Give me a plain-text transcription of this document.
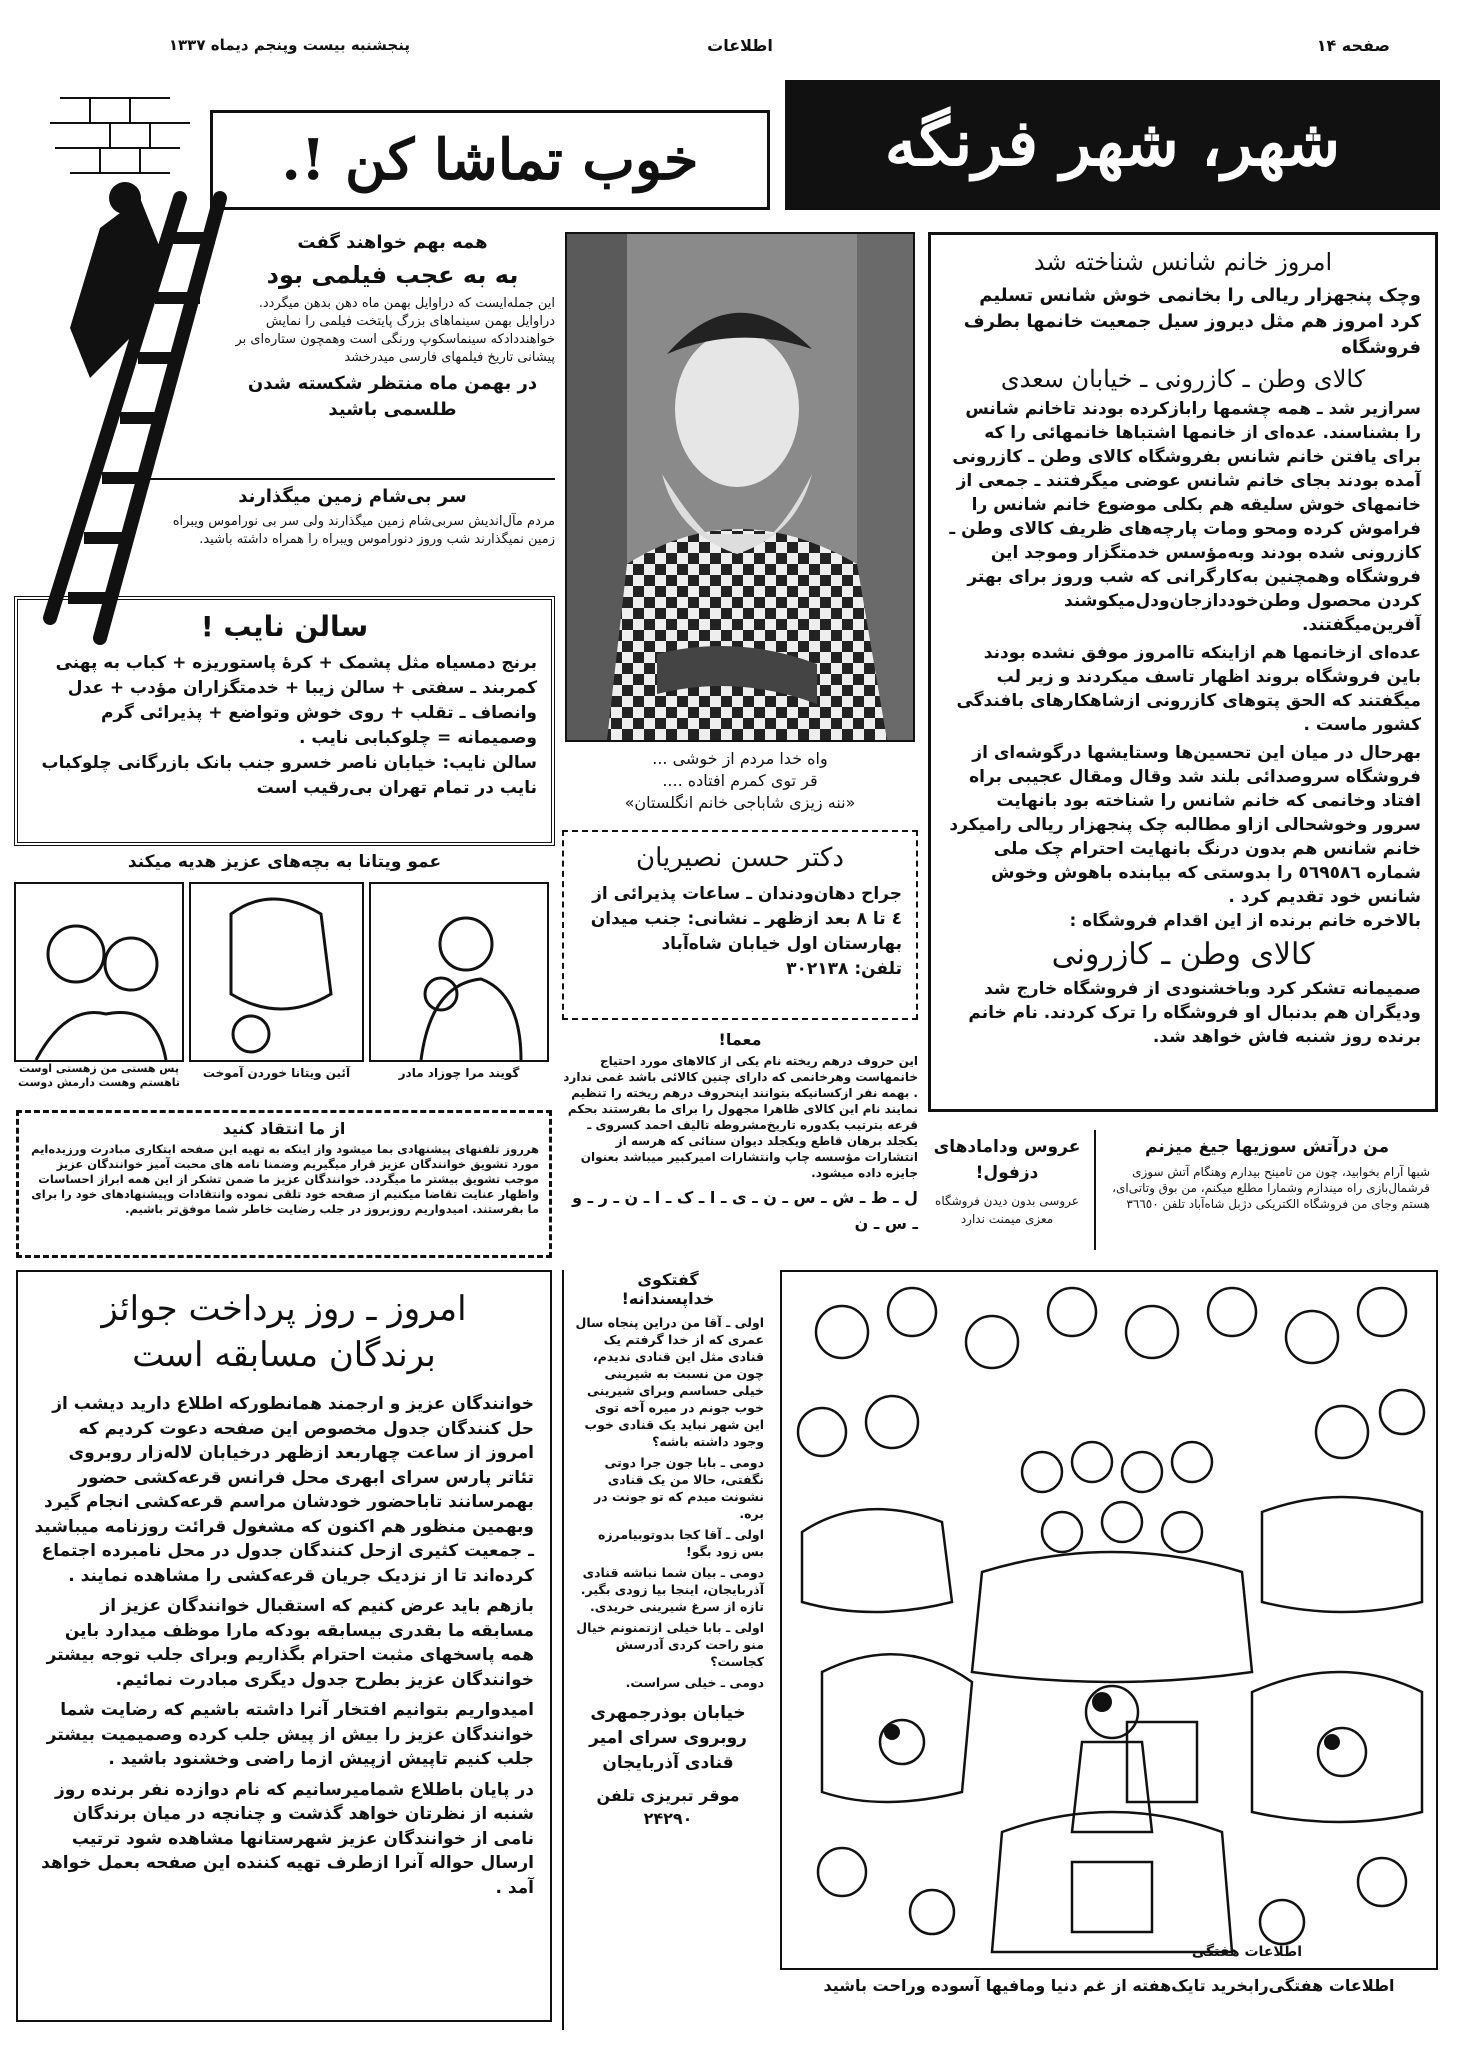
پنجشنبه بیست وپنجم دیماه ۱۳۳۷	اطلاعات	صفحه ۱۴
خوب تماشا کن !.	شهر، شهر فرنگه
همه بهم خواهند گفت
به به عجب فیلمی بود

این جمله‌ایست که دراوایل بهمن ماه دهن بدهن میگردد. دراوایل بهمن سینماهای بزرگ پایتخت فیلمی را نمایش خواهنددادکه سینماسکوپ ورنگی است وهمچون ستاره‌ای بر پیشانی تاریخ فیلمهای فارسی میدرخشد

در بهمن ماه منتظر شکسته شدن طلسمی باشید
سر بی‌شام زمین میگذارند

مردم مآل‌اندیش سربی‌شام زمین میگذارند ولی سر بی نوراموس ویبراه زمین نمیگذارند شب وروز دنوراموس ویبراه را همراه داشته باشید.

سالن نایب !

برنج دمسیاه مثل پشمک + کرهٔ پاستوریزه + کباب به پهنی کمربند ـ سفتی + سالن زیبا + خدمتگزاران مؤدب + عدل وانصاف ـ تقلب + روی خوش وتواضع + پذیرائی گرم وصمیمانه = چلوکبابی نایب .

سالن نایب: خیابان ناصر خسرو جنب بانک بازرگانی چلوکباب نایب در تمام تهران بی‌رقیب است

عمو ویتانا به بچه‌های عزیز هدیه میکند
گویند مرا چوزاد مادر
آئین ویتانا خوردن آموخت
پس هستی من زهستی اوست تاهستم وهست دارمش دوست
از ما انتقاد کنید

هرروز تلفنهای پیشنهادی بما میشود واز اینکه به تهیه این صفحه ابتکاری مبادرت ورزیده‌ایم مورد تشویق خوانندگان عزیز قرار میگیریم وضمنا نامه های محبت آمیز خوانندگان عزیز موجب تشویق بیشتر ما میگردد. خوانندگان عزیز ما ضمن تشکر از این همه ابراز احساسات واظهار عنایت تقاضا میکنیم از صفحه خود تلقی نموده وانتقادات وپیشنهادهای خود را برای ما بفرستند. امیدواریم روزبروز در جلب رضایت خاطر شما موفق‌تر باشیم.

امروز ـ روز پرداخت جوائز
برندگان مسابقه است

خوانندگان عزیز و ارجمند همانطورکه اطلاع دارید دیشب از حل کنندگان جدول مخصوص این صفحه دعوت کردیم که امروز از ساعت چهاربعد ازظهر درخیابان لاله‌زار روبروی تئاتر پارس سرای ابهری محل فرانس قرعه‌کشی حضور بهمرسانند تاباحضور خودشان مراسم قرعه‌کشی انجام گیرد وبهمین منظور هم اکنون که مشغول قرائت روزنامه میباشید ـ جمعیت کثیری ازحل کنندگان جدول در محل نامبرده اجتماع کرده‌اند تا از نزدیک جریان قرعه‌کشی را مشاهده نمایند .

بازهم باید عرض کنیم که استقبال خوانندگان عزیز از مسابقه ما بقدری بیسابقه بودکه مارا موظف میدارد باین همه پاسخهای مثبت احترام بگذاریم وبرای جلب توجه بیشتر خوانندگان عزیز بطرح جدول دیگری مبادرت نمائیم.

امیدواریم بتوانیم افتخار آنرا داشته باشیم که رضایت شما خوانندگان عزیز را بیش از پیش جلب کرده وصمیمیت بیشتر جلب کنیم تاپیش ازپیش ازما راضی وخشنود باشید .

در پایان باطلاع شمامیرسانیم که نام دوازده نفر برنده روز شنبه از نظرتان خواهد گذشت و چنانچه در میان برندگان نامی از خوانندگان عزیز شهرستانها مشاهده شود ترتیب ارسال حواله آنرا ازطرف تهیه کننده این صفحه بعمل خواهد آمد .

واه خدا مردم از خوشی ...
قر توی کمرم افتاده ....
«ننه زیزی شاباجی خانم انگلستان»
دکتر حسن نصیریان

جراح دهان‌ودندان ـ ساعات پذیرائی از ٤ تا ۸ بعد ازظهر ـ نشانی: جنب میدان بهارستان اول خیابان شاه‌آباد

تلفن: ۳۰۲۱۳۸
معما!

این حروف درهم ریخته نام یکی از کالاهای مورد احتیاج خانمهاست وهرخانمی که دارای چنین کالائی باشد غمی ندارد . بهمه نفر ازکسانیکه بتوانند اینحروف درهم ریخته را تنظیم نمایند نام این کالای ظاهرا مجهول را برای ما بفرستند بحکم قرعه بترتیب یکدوره تاریخ‌مشروطه تالیف احمد کسروی ـ یکجلد برهان قاطع ویکجلد دیوان سنائی که هرسه از انتشارات مؤسسه چاپ وانتشارات امیرکبیر میباشد بعنوان جایزه داده میشود.

ل ـ ط ـ ش ـ س ـ ن ـ ی ـ ا ـ ک ـ ا ـ ن ـ ر ـ و ـ س ـ ن
گفتکوی
خداپسندانه!

اولی ـ آقا من دراین پنجاه سال عمری که از خدا گرفتم یک قنادی مثل این قنادی ندیدم، چون من نسبت به شیرینی خیلی حساسم وبرای شیرینی خوب جونم در میره آخه توی این شهر نباید یک قنادی خوب وجود داشته باشه؟

دومی ـ بابا جون جرا دوتی نگفتی، حالا من یک قنادی نشونت میدم که تو جونت در بره.

اولی ـ آقا کجا بدوتوبیامرزه بس زود بگو!

دومی ـ بیان شما نباشه قنادی آذربایجان، اینجا بیا زودی بگیر. تازه از سرغ شیرینی خریدی.

اولی ـ بابا خیلی ازتمنونم خیال منو راحت کردی آدرسش کجاست؟

دومی ـ خیلی سراست.

خیابان بوذرجمهری روبروی سرای امیر قنادی آذربایجان

موقر تبریزی تلفن ۲۴۲۹۰

امروز خانم شانس شناخته شد

وچک پنجهزار ریالی را بخانمی خوش شانس تسلیم کرد امروز هم مثل دیروز سیل جمعیت خانمها بطرف فروشگاه

کالای وطن ـ کازرونی ـ خیابان سعدی

سرازیر شد ـ همه چشمها رابازکرده بودند تاخانم شانس را بشناسند. عده‌ای از خانمها اشتباها خانمهائی را که برای یافتن خانم شانس بفروشگاه کالای وطن ـ کازرونی آمده بودند بجای خانم شانس عوضی میگرفتند ـ جمعی از خانمهای خوش سلیقه هم بکلی موضوع خانم شانس را فراموش کرده ومحو ومات پارچه‌های ظریف کالای وطن ـ کازرونی شده بودند وبه‌مؤسس خدمتگزار وموجد این فروشگاه وهمچنین به‌کارگرانی که شب وروز برای بهتر کردن محصول وطن‌خوددازجان‌ودل‌میکوشند آفرین‌میگفتند.

عده‌ای ازخانمها هم ازاینکه تاامروز موفق نشده بودند باین فروشگاه بروند اظهار تاسف میکردند و زیر لب میگفتند که الحق پتوهای کازرونی ازشاهکارهای بافندگی کشور ماست .

بهرحال در میان این تحسین‌ها وستایشها درگوشه‌ای از فروشگاه سروصدائی بلند شد وقال ومقال عجیبی براه افتاد وخانمی که خانم شانس را شناخته بود بانهایت سرور وخوشحالی ازاو مطالبه چک پنجهزار ریالی رامیکرد خانم شانس هم بدون درنگ بانهایت احترام چک ملی شماره ٥٦٩٥٨٦ را بدوستی که بیابنده باهوش وخوش شانس خود تقدیم کرد .

بالاخره خانم برنده از این اقدام فروشگاه :
کالای وطن ـ کازرونی

صمیمانه تشکر کرد وباخشنودی از فروشگاه خارج شد ودیگران هم بدنبال او فروشگاه را ترک کردند. نام خانم برنده روز شنبه فاش خواهد شد.

عروس ودامادهای دزفول!

عروسی بدون دیدن فروشگاه معزی میمنت ندارد

من درآتش سوزیها جیغ میزنم

شبها آرام بخوابید، چون من تامینح بیدارم وهنگام آتش سوزی قرشمال‌بازی راه میندازم وشمارا مطلع میکنم، من بوق وتاتی‌ای، هستم وجای من فروشگاه الکتریکی دژبل شاه‌آباد تلفن ۳٦٦٥٠

اطلاعات هفتگی
اطلاعات هفتگی‌رابخرید تایک‌هفته از غم دنیا ومافیها آسوده وراحت باشید
